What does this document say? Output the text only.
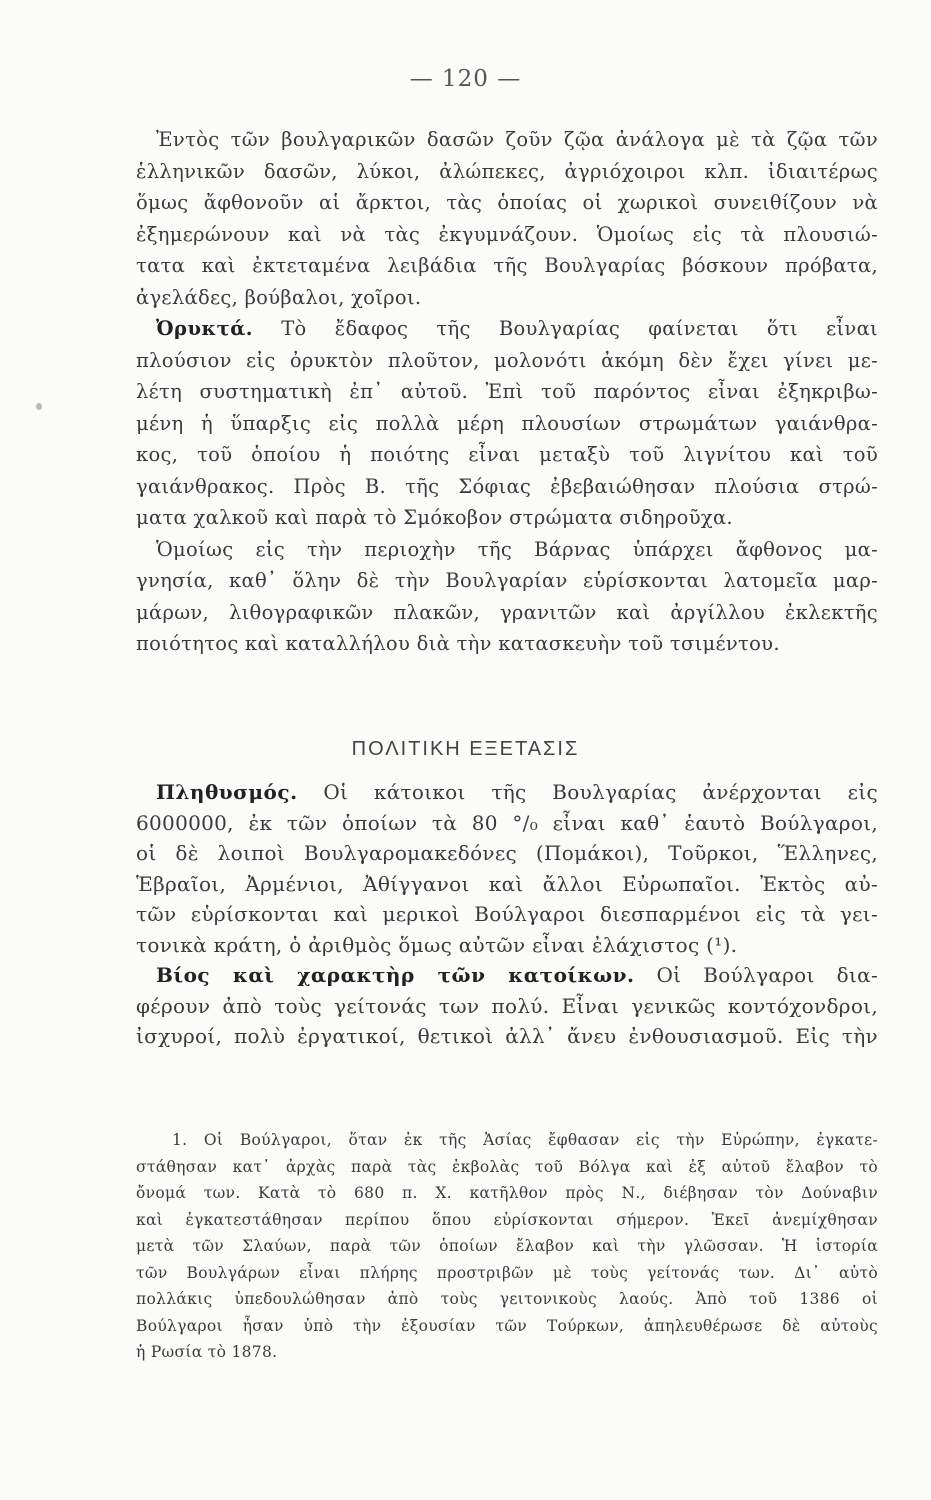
— 120 —
Ἐντὸς τῶν βουλγαρικῶν δασῶν ζοῦν ζῷα ἀνάλογα μὲ τὰ ζῷα τῶν
ἑλληνικῶν δασῶν, λύκοι, ἀλώπεκες, ἀγριόχοιροι κλπ. ἰδιαιτέρως
ὅμως ἄφθονοῦν αἱ ἄρκτοι, τὰς ὁποίας οἱ χωρικοὶ συνειθίζουν νὰ
ἐξημερώνουν καὶ νὰ τὰς ἐκγυμνάζουν. Ὁμοίως εἰς τὰ πλουσιώ-
τατα καὶ ἐκτεταμένα λειβάδια τῆς Βουλγαρίας βόσκουν πρόβατα,
ἀγελάδες, βούβαλοι, χοῖροι.
Ὀρυκτά. Τὸ ἔδαφος τῆς Βουλγαρίας φαίνεται ὅτι εἶναι
πλούσιον εἰς ὀρυκτὸν πλοῦτον, μολονότι ἀκόμη δὲν ἔχει γίνει με-
λέτη συστηματικὴ ἐπ᾽ αὐτοῦ. Ἐπὶ τοῦ παρόντος εἶναι ἐξηκριβω-
μένη ἡ ὕπαρξις εἰς πολλὰ μέρη πλουσίων στρωμάτων γαιάνθρα-
κος, τοῦ ὁποίου ἡ ποιότης εἶναι μεταξὺ τοῦ λιγνίτου καὶ τοῦ
γαιάνθρακος. Πρὸς Β. τῆς Σόφιας ἐβεβαιώθησαν πλούσια στρώ-
ματα χαλκοῦ καὶ παρὰ τὸ Σμόκοβον στρώματα σιδηροῦχα.
Ὁμοίως εἰς τὴν περιοχὴν τῆς Βάρνας ὑπάρχει ἄφθονος μα-
γνησία, καθ᾽ ὅλην δὲ τὴν Βουλγαρίαν εὑρίσκονται λατομεῖα μαρ-
μάρων, λιθογραφικῶν πλακῶν, γρανιτῶν καὶ ἀργίλλου ἐκλεκτῆς
ποιότητος καὶ καταλλήλου διὰ τὴν κατασκευὴν τοῦ τσιμέντου.
ΠΟΛΙΤΙΚΗ ΕΞΕΤΑΣΙΣ
Πληθυσμός. Οἱ κάτοικοι τῆς Βουλγαρίας ἀνέρχονται εἰς
6000000, ἐκ τῶν ὁποίων τὰ 80 °/₀ εἶναι καθ᾽ ἑαυτὸ Βούλγαροι,
οἱ δὲ λοιποὶ Βουλγαρομακεδόνες (Πομάκοι), Τοῦρκοι, Ἕλληνες,
Ἑβραῖοι, Ἀρμένιοι, Ἀθίγγανοι καὶ ἄλλοι Εὐρωπαῖοι. Ἐκτὸς αὐ-
τῶν εὑρίσκονται καὶ μερικοὶ Βούλγαροι διεσπαρμένοι εἰς τὰ γει-
τονικὰ κράτη, ὁ ἀριθμὸς ὅμως αὐτῶν εἶναι ἐλάχιστος (¹).
Βίος καὶ χαρακτὴρ τῶν κατοίκων. Οἱ Βούλγαροι δια-
φέρουν ἀπὸ τοὺς γείτονάς των πολύ. Εἶναι γενικῶς κοντόχονδροι,
ἰσχυροί, πολὺ ἐργατικοί, θετικοὶ ἀλλ᾽ ἄνευ ἐνθουσιασμοῦ. Εἰς τὴν
1. Οἱ Βούλγαροι, ὅταν ἐκ τῆς Ἀσίας ἔφθασαν εἰς τὴν Εὐρώπην, ἐγκατε-
στάθησαν κατ᾽ ἀρχὰς παρὰ τὰς ἐκβολὰς τοῦ Βόλγα καὶ ἐξ αὐτοῦ ἔλαβον τὸ
ὄνομά των. Κατὰ τὸ 680 π. Χ. κατῆλθον πρὸς Ν., διέβησαν τὸν Δούναβιν
καὶ ἐγκατεστάθησαν περίπου ὅπου εὑρίσκονται σήμερον. Ἐκεῖ ἀνεμίχθησαν
μετὰ τῶν Σλαύων, παρὰ τῶν ὁποίων ἔλαβον καὶ τὴν γλῶσσαν. Ἡ ἱστορία
τῶν Βουλγάρων εἶναι πλήρης προστριβῶν μὲ τοὺς γείτονάς των. Δι᾽ αὐτὸ
πολλάκις ὑπεδουλώθησαν ἀπὸ τοὺς γειτονικοὺς λαούς. Ἀπὸ τοῦ 1386 οἱ
Βούλγαροι ἦσαν ὑπὸ τὴν ἐξουσίαν τῶν Τούρκων, ἀπηλευθέρωσε δὲ αὐτοὺς
ἡ Ρωσία τὸ 1878.
